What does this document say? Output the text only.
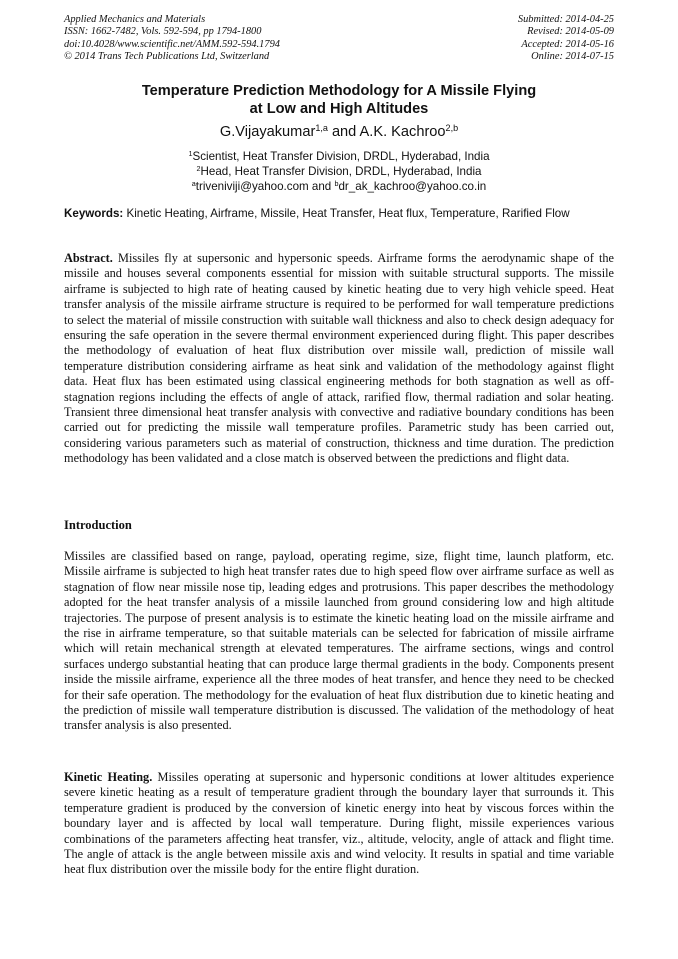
Applied Mechanics and Materials
ISSN: 1662-7482, Vols. 592-594, pp 1794-1800
doi:10.4028/www.scientific.net/AMM.592-594.1794
© 2014 Trans Tech Publications Ltd, Switzerland
Submitted: 2014-04-25
Revised: 2014-05-09
Accepted: 2014-05-16
Online: 2014-07-15
Temperature Prediction Methodology for A Missile Flying
at Low and High Altitudes
G.Vijayakumar$^{1,a}$ and A.K. Kachroo$^{2,b}$
$^1$Scientist, Heat Transfer Division, DRDL, Hyderabad, India
$^2$Head, Heat Transfer Division, DRDL, Hyderabad, India
$^a$triveniviji@yahoo.com and $^b$dr_ak_kachroo@yahoo.co.in
Keywords: Kinetic Heating, Airframe, Missile, Heat Transfer, Heat flux, Temperature, Rarified Flow
Abstract. Missiles fly at supersonic and hypersonic speeds. Airframe forms the aerodynamic shape of the missile and houses several components essential for mission with suitable structural supports. The missile airframe is subjected to high rate of heating caused by kinetic heating due to very high vehicle speed. Heat transfer analysis of the missile airframe structure is required to be performed for wall temperature predictions to select the material of missile construction with suitable wall thickness and also to check design adequacy for ensuring the safe operation in the severe thermal environment experienced during flight. This paper describes the methodology of evaluation of heat flux distribution over missile wall, prediction of missile wall temperature distribution considering airframe as heat sink and validation of the methodology against flight data. Heat flux has been estimated using classical engineering methods for both stagnation as well as off-stagnation regions including the effects of angle of attack, rarified flow, thermal radiation and solar heating. Transient three dimensional heat transfer analysis with convective and radiative boundary conditions has been carried out for predicting the missile wall temperature profiles. Parametric study has been carried out, considering various parameters such as material of construction, thickness and time duration. The prediction methodology has been validated and a close match is observed between the predictions and flight data.
Introduction
Missiles are classified based on range, payload, operating regime, size, flight time, launch platform, etc. Missile airframe is subjected to high heat transfer rates due to high speed flow over airframe surface as well as stagnation of flow near missile nose tip, leading edges and protrusions. This paper describes the methodology adopted for the heat transfer analysis of a missile launched from ground considering low and high altitude trajectories. The purpose of present analysis is to estimate the kinetic heating load on the missile airframe and the rise in airframe temperature, so that suitable materials can be selected for fabrication of missile airframe which will retain mechanical strength at elevated temperatures. The airframe sections, wings and control surfaces undergo substantial heating that can produce large thermal gradients in the body. Components present inside the missile airframe, experience all the three modes of heat transfer, and hence they need to be checked for their safe operation. The methodology for the evaluation of heat flux distribution due to kinetic heating and the prediction of missile wall temperature distribution is discussed. The validation of the methodology of heat transfer analysis is also presented.
Kinetic Heating. Missiles operating at supersonic and hypersonic conditions at lower altitudes experience severe kinetic heating as a result of temperature gradient through the boundary layer that surrounds it. This temperature gradient is produced by the conversion of kinetic energy into heat by viscous forces within the boundary layer and is affected by local wall temperature. During flight, missile experiences various combinations of the parameters affecting heat transfer, viz., altitude, velocity, angle of attack and flight time. The angle of attack is the angle between missile axis and wind velocity. It results in spatial and time variable heat flux distribution over the missile body for the entire flight duration.
